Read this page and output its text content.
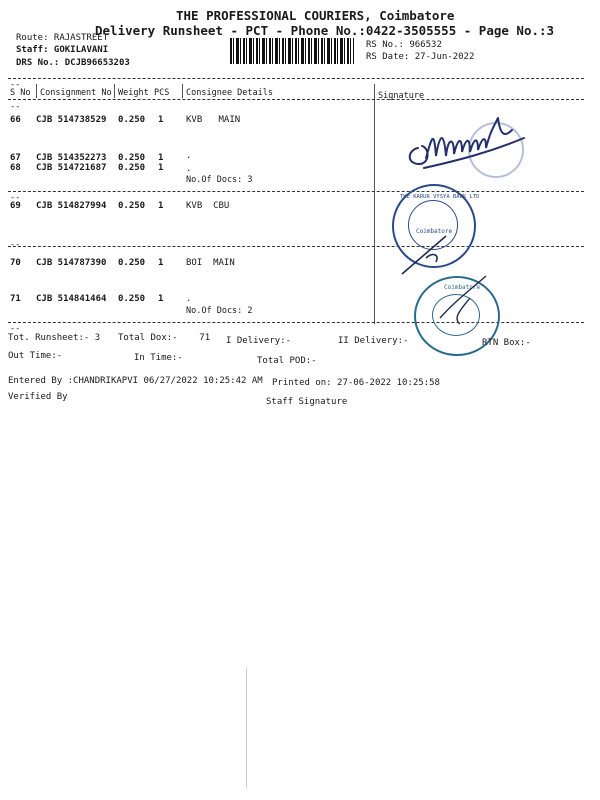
THE PROFESSIONAL COURIERS, Coimbatore
Delivery Runsheet - PCT - Phone No.:0422-3505555 - Page No.:3
Route: RAJASTREET
Staff: GOKILAVANI
DRS No.: DCJB96653203
RS No.: 966532
RS Date: 27-Jun-2022
--
S No Consignment No Weight PCS Consignee Details	Signature
--
66 CJB 514738529 0.250 1	KVB   MAIN
67 CJB 514352273 0.250 1	.
68 CJB 514721687 0.250 1	.
No.Of Docs: 3
--
69 CJB 514827994 0.250 1	KVB  CBU
--
70 CJB 514787390 0.250 1	BOI  MAIN
71 CJB 514841464 0.250 1	.
No.Of Docs: 2
--
THE KARUR VYSYA BANK LTD
Coimbatore
Coimbatore
Tot. Runsheet:- 3 Total Dox:-    71 I Delivery:-	II Delivery:-	RTN Box:-
Out Time:-	In Time:-	Total POD:-
Entered By :CHANDRIKAPVI 06/27/2022 10:25:42 AM Printed on: 27-06-2022 10:25:58
Verified By	Staff Signature
